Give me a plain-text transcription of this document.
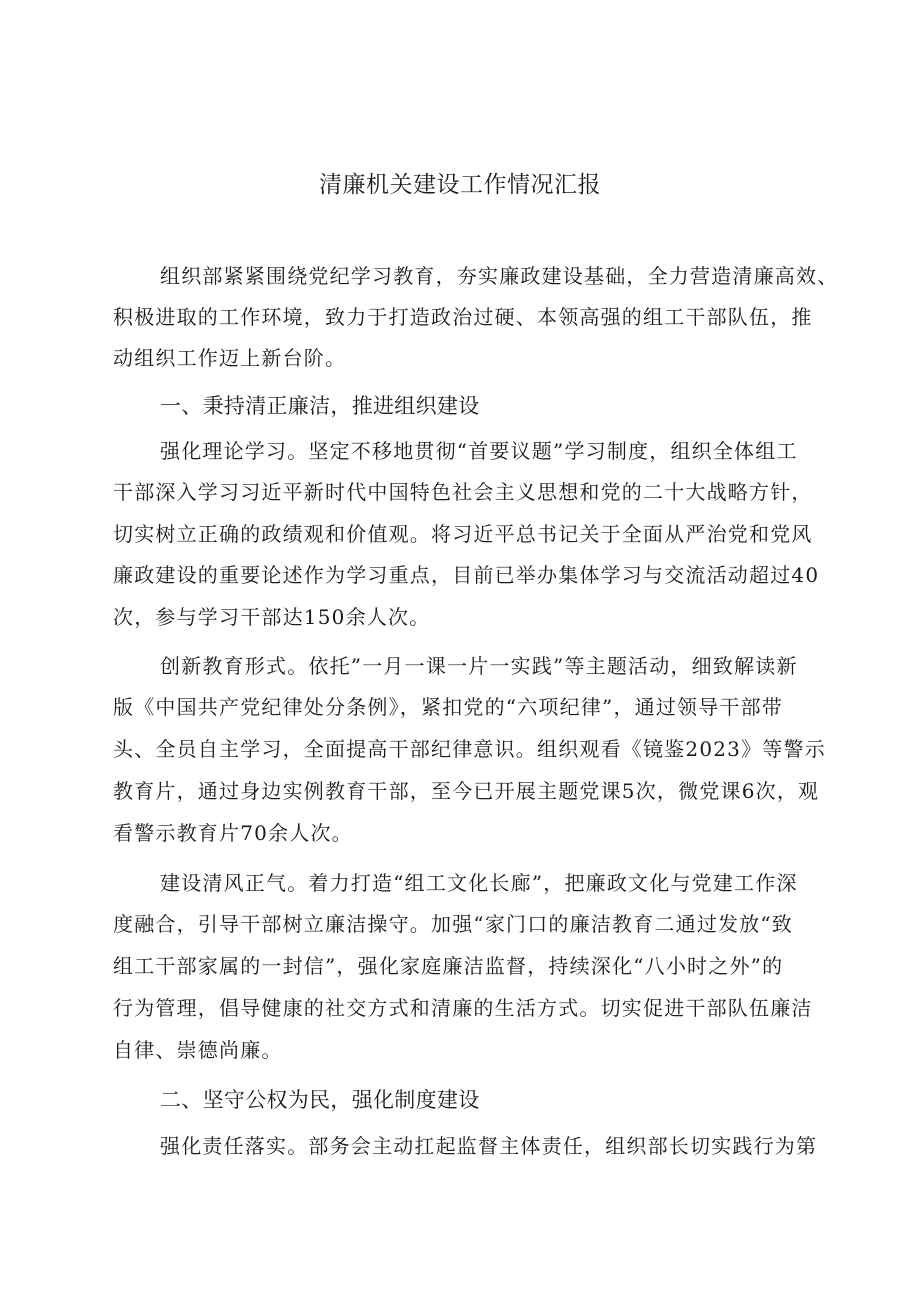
清廉机关建设工作情况汇报
组织部紧紧围绕党纪学习教育，夯实廉政建设基础，全力营造清廉高效、
积极进取的工作环境，致力于打造政治过硬、本领高强的组工干部队伍，推
动组织工作迈上新台阶。
一、秉持清正廉洁，推进组织建设
强化理论学习。坚定不移地贯彻“首要议题”学习制度，组织全体组工
干部深入学习习近平新时代中国特色社会主义思想和党的二十大战略方针，
切实树立正确的政绩观和价值观。将习近平总书记关于全面从严治党和党风
廉政建设的重要论述作为学习重点，目前已举办集体学习与交流活动超过40
次，参与学习干部达150余人次。
创新教育形式。依托”一月一课一片一实践”等主题活动，细致解读新
版《中国共产党纪律处分条例》，紧扣党的“六项纪律”，通过领导干部带
头、全员自主学习，全面提高干部纪律意识。组织观看《镜鉴2023》等警示
教育片，通过身边实例教育干部，至今已开展主题党课5次，微党课6次，观
看警示教育片70余人次。
建设清风正气。着力打造“组工文化长廊”，把廉政文化与党建工作深
度融合，引导干部树立廉洁操守。加强“家门口的廉洁教育二通过发放“致
组工干部家属的一封信”，强化家庭廉洁监督，持续深化“八小时之外”的
行为管理，倡导健康的社交方式和清廉的生活方式。切实促进干部队伍廉洁
自律、崇德尚廉。
二、坚守公权为民，强化制度建设
强化责任落实。部务会主动扛起监督主体责任，组织部长切实践行为第
